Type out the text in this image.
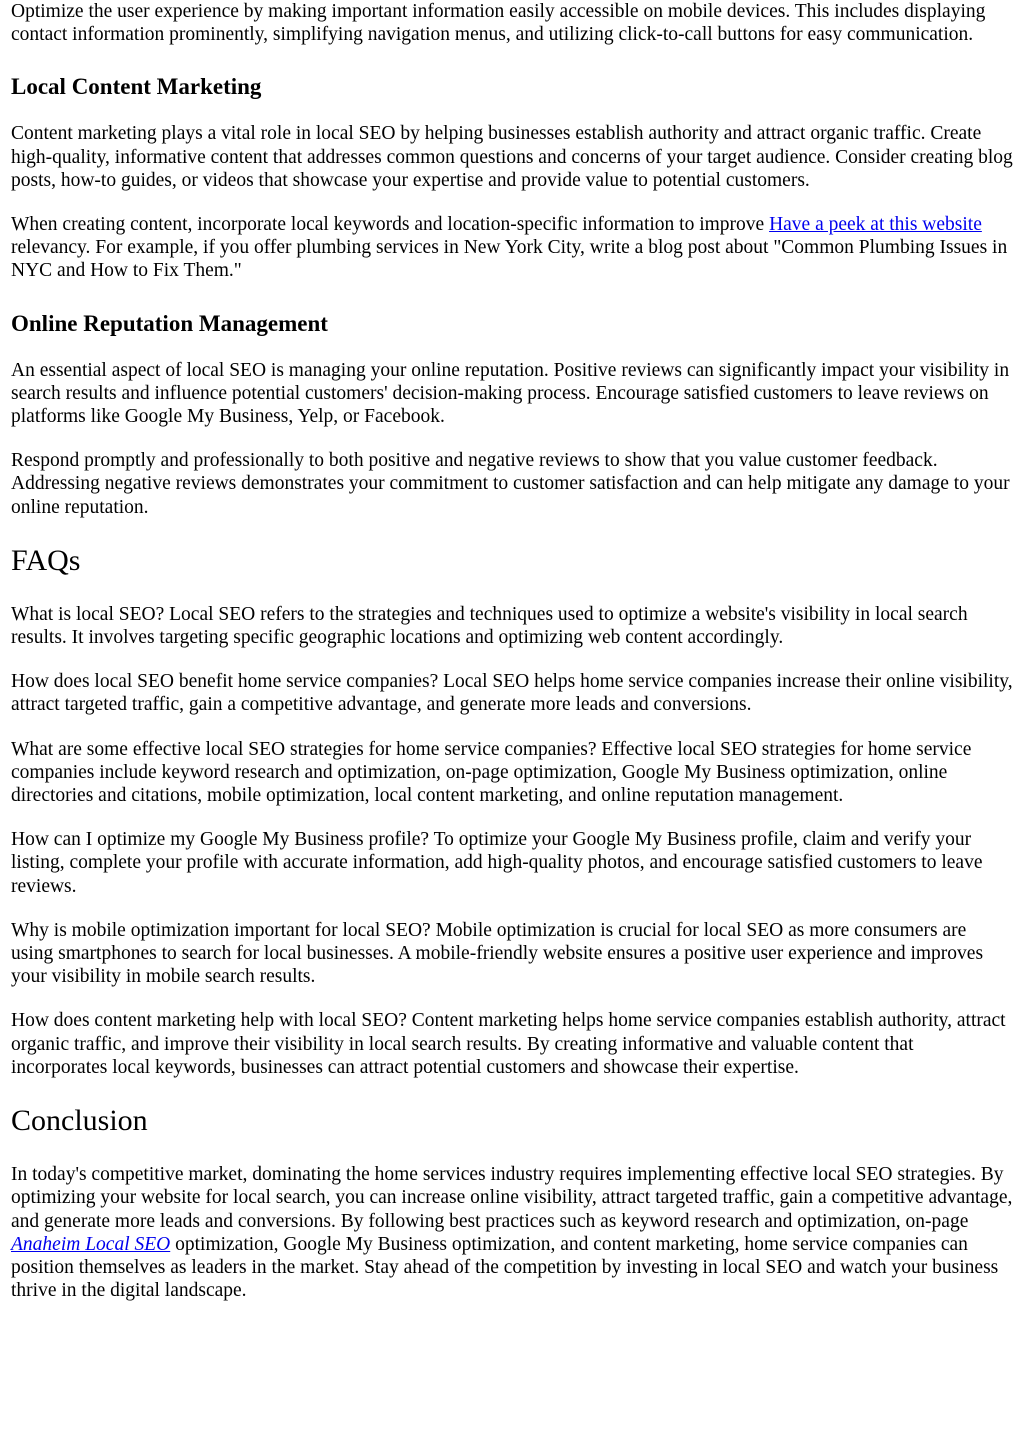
Optimize the user experience by making important information easily accessible on mobile devices. This includes displaying contact information prominently, simplifying navigation menus, and utilizing click-to-call buttons for easy communication.

Local Content Marketing

Content marketing plays a vital role in local SEO by helping businesses establish authority and attract organic traffic. Create high-quality, informative content that addresses common questions and concerns of your target audience. Consider creating blog posts, how-to guides, or videos that showcase your expertise and provide value to potential customers.

When creating content, incorporate local keywords and location-specific information to improve Have a peek at this website relevancy. For example, if you offer plumbing services in New York City, write a blog post about "Common Plumbing Issues in NYC and How to Fix Them."

Online Reputation Management

An essential aspect of local SEO is managing your online reputation. Positive reviews can significantly impact your visibility in search results and influence potential customers' decision-making process. Encourage satisfied customers to leave reviews on platforms like Google My Business, Yelp, or Facebook.

Respond promptly and professionally to both positive and negative reviews to show that you value customer feedback. Addressing negative reviews demonstrates your commitment to customer satisfaction and can help mitigate any damage to your online reputation.

FAQs

What is local SEO? Local SEO refers to the strategies and techniques used to optimize a website's visibility in local search results. It involves targeting specific geographic locations and optimizing web content accordingly.

How does local SEO benefit home service companies? Local SEO helps home service companies increase their online visibility, attract targeted traffic, gain a competitive advantage, and generate more leads and conversions.

What are some effective local SEO strategies for home service companies? Effective local SEO strategies for home service companies include keyword research and optimization, on-page optimization, Google My Business optimization, online directories and citations, mobile optimization, local content marketing, and online reputation management.

How can I optimize my Google My Business profile? To optimize your Google My Business profile, claim and verify your listing, complete your profile with accurate information, add high-quality photos, and encourage satisfied customers to leave reviews.

Why is mobile optimization important for local SEO? Mobile optimization is crucial for local SEO as more consumers are using smartphones to search for local businesses. A mobile-friendly website ensures a positive user experience and improves your visibility in mobile search results.

How does content marketing help with local SEO? Content marketing helps home service companies establish authority, attract organic traffic, and improve their visibility in local search results. By creating informative and valuable content that incorporates local keywords, businesses can attract potential customers and showcase their expertise.

Conclusion

In today's competitive market, dominating the home services industry requires implementing effective local SEO strategies. By optimizing your website for local search, you can increase online visibility, attract targeted traffic, gain a competitive advantage, and generate more leads and conversions. By following best practices such as keyword research and optimization, on-page Anaheim Local SEO optimization, Google My Business optimization, and content marketing, home service companies can position themselves as leaders in the market. Stay ahead of the competition by investing in local SEO and watch your business thrive in the digital landscape.
